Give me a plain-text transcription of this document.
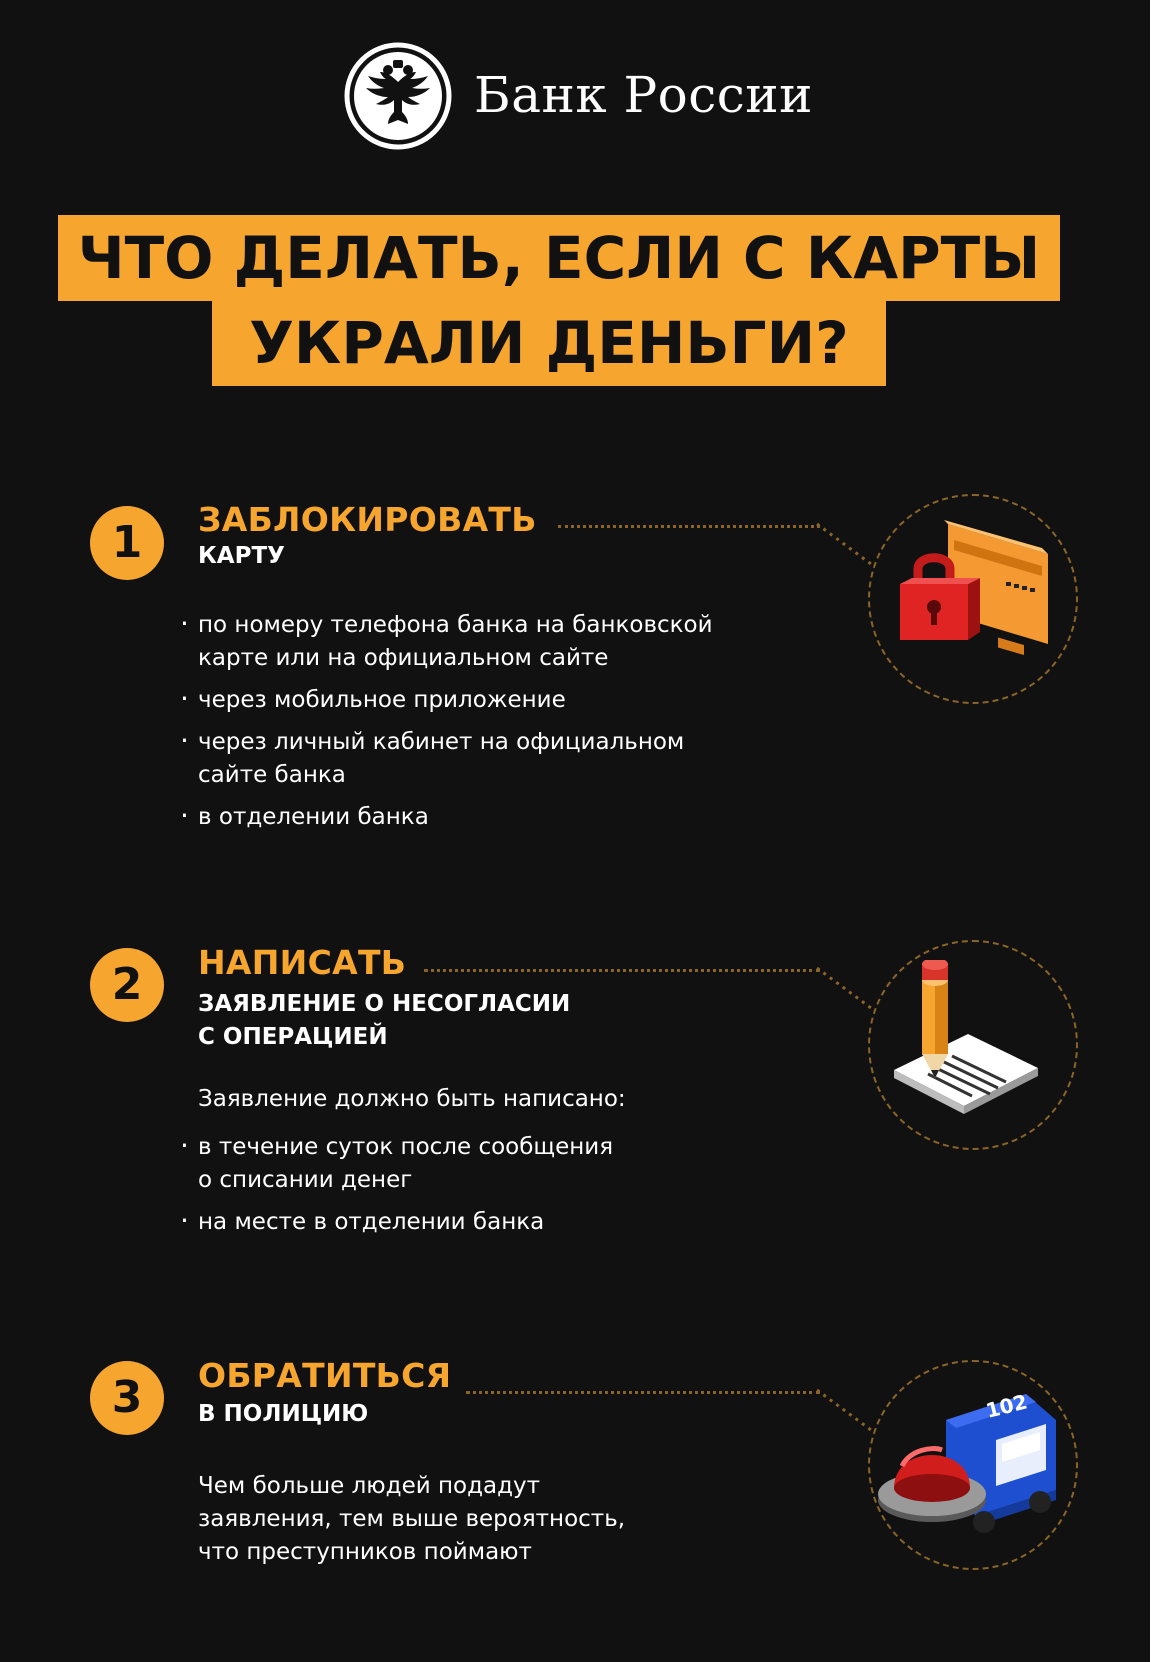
Банк России
ЧТО ДЕЛАТЬ, ЕСЛИ С КАРТЫ
УКРАЛИ ДЕНЬГИ?
1	ЗАБЛОКИРОВАТЬ
КАРТУ
· по номеру телефона банка на банковской
карте или на официальном сайте
· через мобильное приложение
· через личный кабинет на официальном
сайте банка
· в отделении банка
2	НАПИСАТЬ
ЗАЯВЛЕНИЕ О НЕСОГЛАСИИ
С ОПЕРАЦИЕЙ
Заявление должно быть написано:
· в течение суток после сообщения
о списании денег
· на месте в отделении банка
3	ОБРАТИТЬСЯ
В ПОЛИЦИЮ
Чем больше людей подадут
заявления, тем выше вероятность,
что преступников поймают
102
